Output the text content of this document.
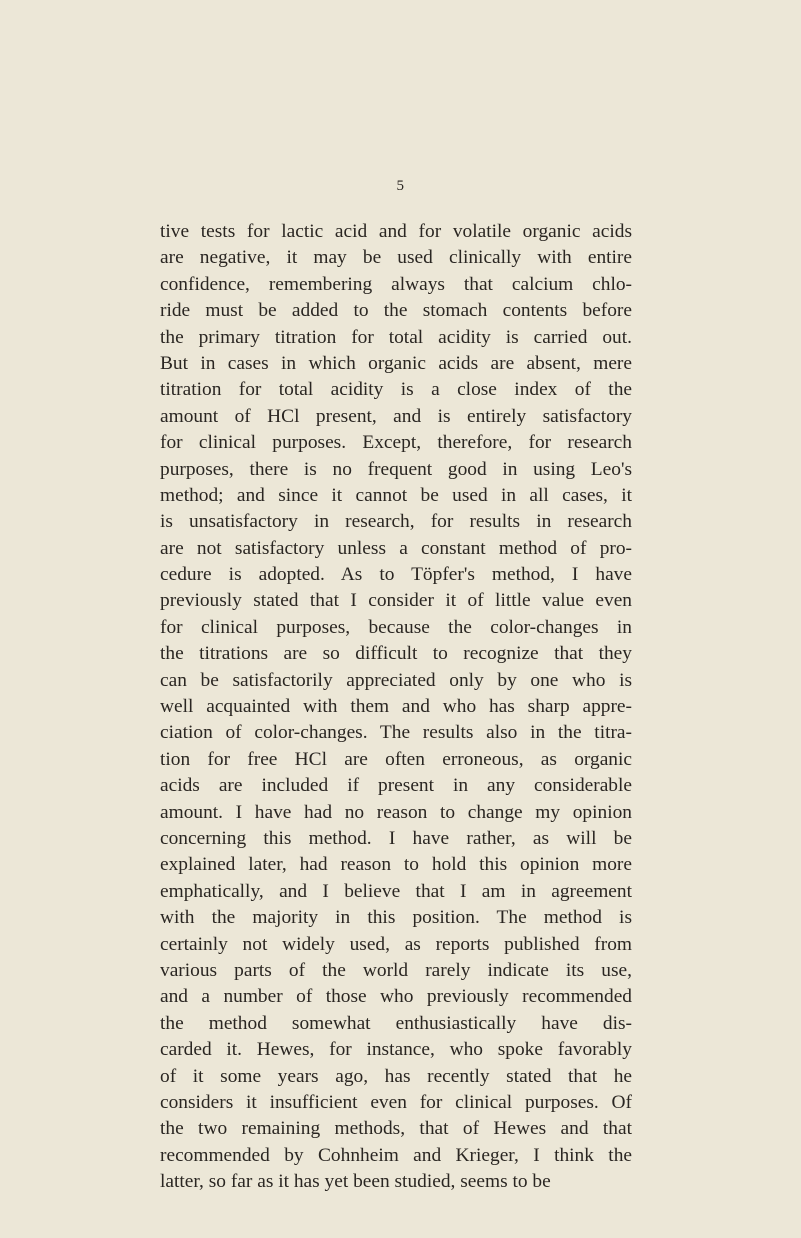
5
tive tests for lactic acid and for volatile organic acids
are negative, it may be used clinically with entire
confidence, remembering always that calcium chlo-
ride must be added to the stomach contents before
the primary titration for total acidity is carried out.
But in cases in which organic acids are absent, mere
titration for total acidity is a close index of the
amount of HCl present, and is entirely satisfactory
for clinical purposes. Except, therefore, for research
purposes, there is no frequent good in using Leo's
method; and since it cannot be used in all cases, it
is unsatisfactory in research, for results in research
are not satisfactory unless a constant method of pro-
cedure is adopted. As to Töpfer's method, I have
previously stated that I consider it of little value even
for clinical purposes, because the color-changes in
the titrations are so difficult to recognize that they
can be satisfactorily appreciated only by one who is
well acquainted with them and who has sharp appre-
ciation of color-changes. The results also in the titra-
tion for free HCl are often erroneous, as organic
acids are included if present in any considerable
amount. I have had no reason to change my opinion
concerning this method. I have rather, as will be
explained later, had reason to hold this opinion more
emphatically, and I believe that I am in agreement
with the majority in this position. The method is
certainly not widely used, as reports published from
various parts of the world rarely indicate its use,
and a number of those who previously recommended
the method somewhat enthusiastically have dis-
carded it. Hewes, for instance, who spoke favorably
of it some years ago, has recently stated that he
considers it insufficient even for clinical purposes. Of
the two remaining methods, that of Hewes and that
recommended by Cohnheim and Krieger, I think the
latter, so far as it has yet been studied, seems to be
